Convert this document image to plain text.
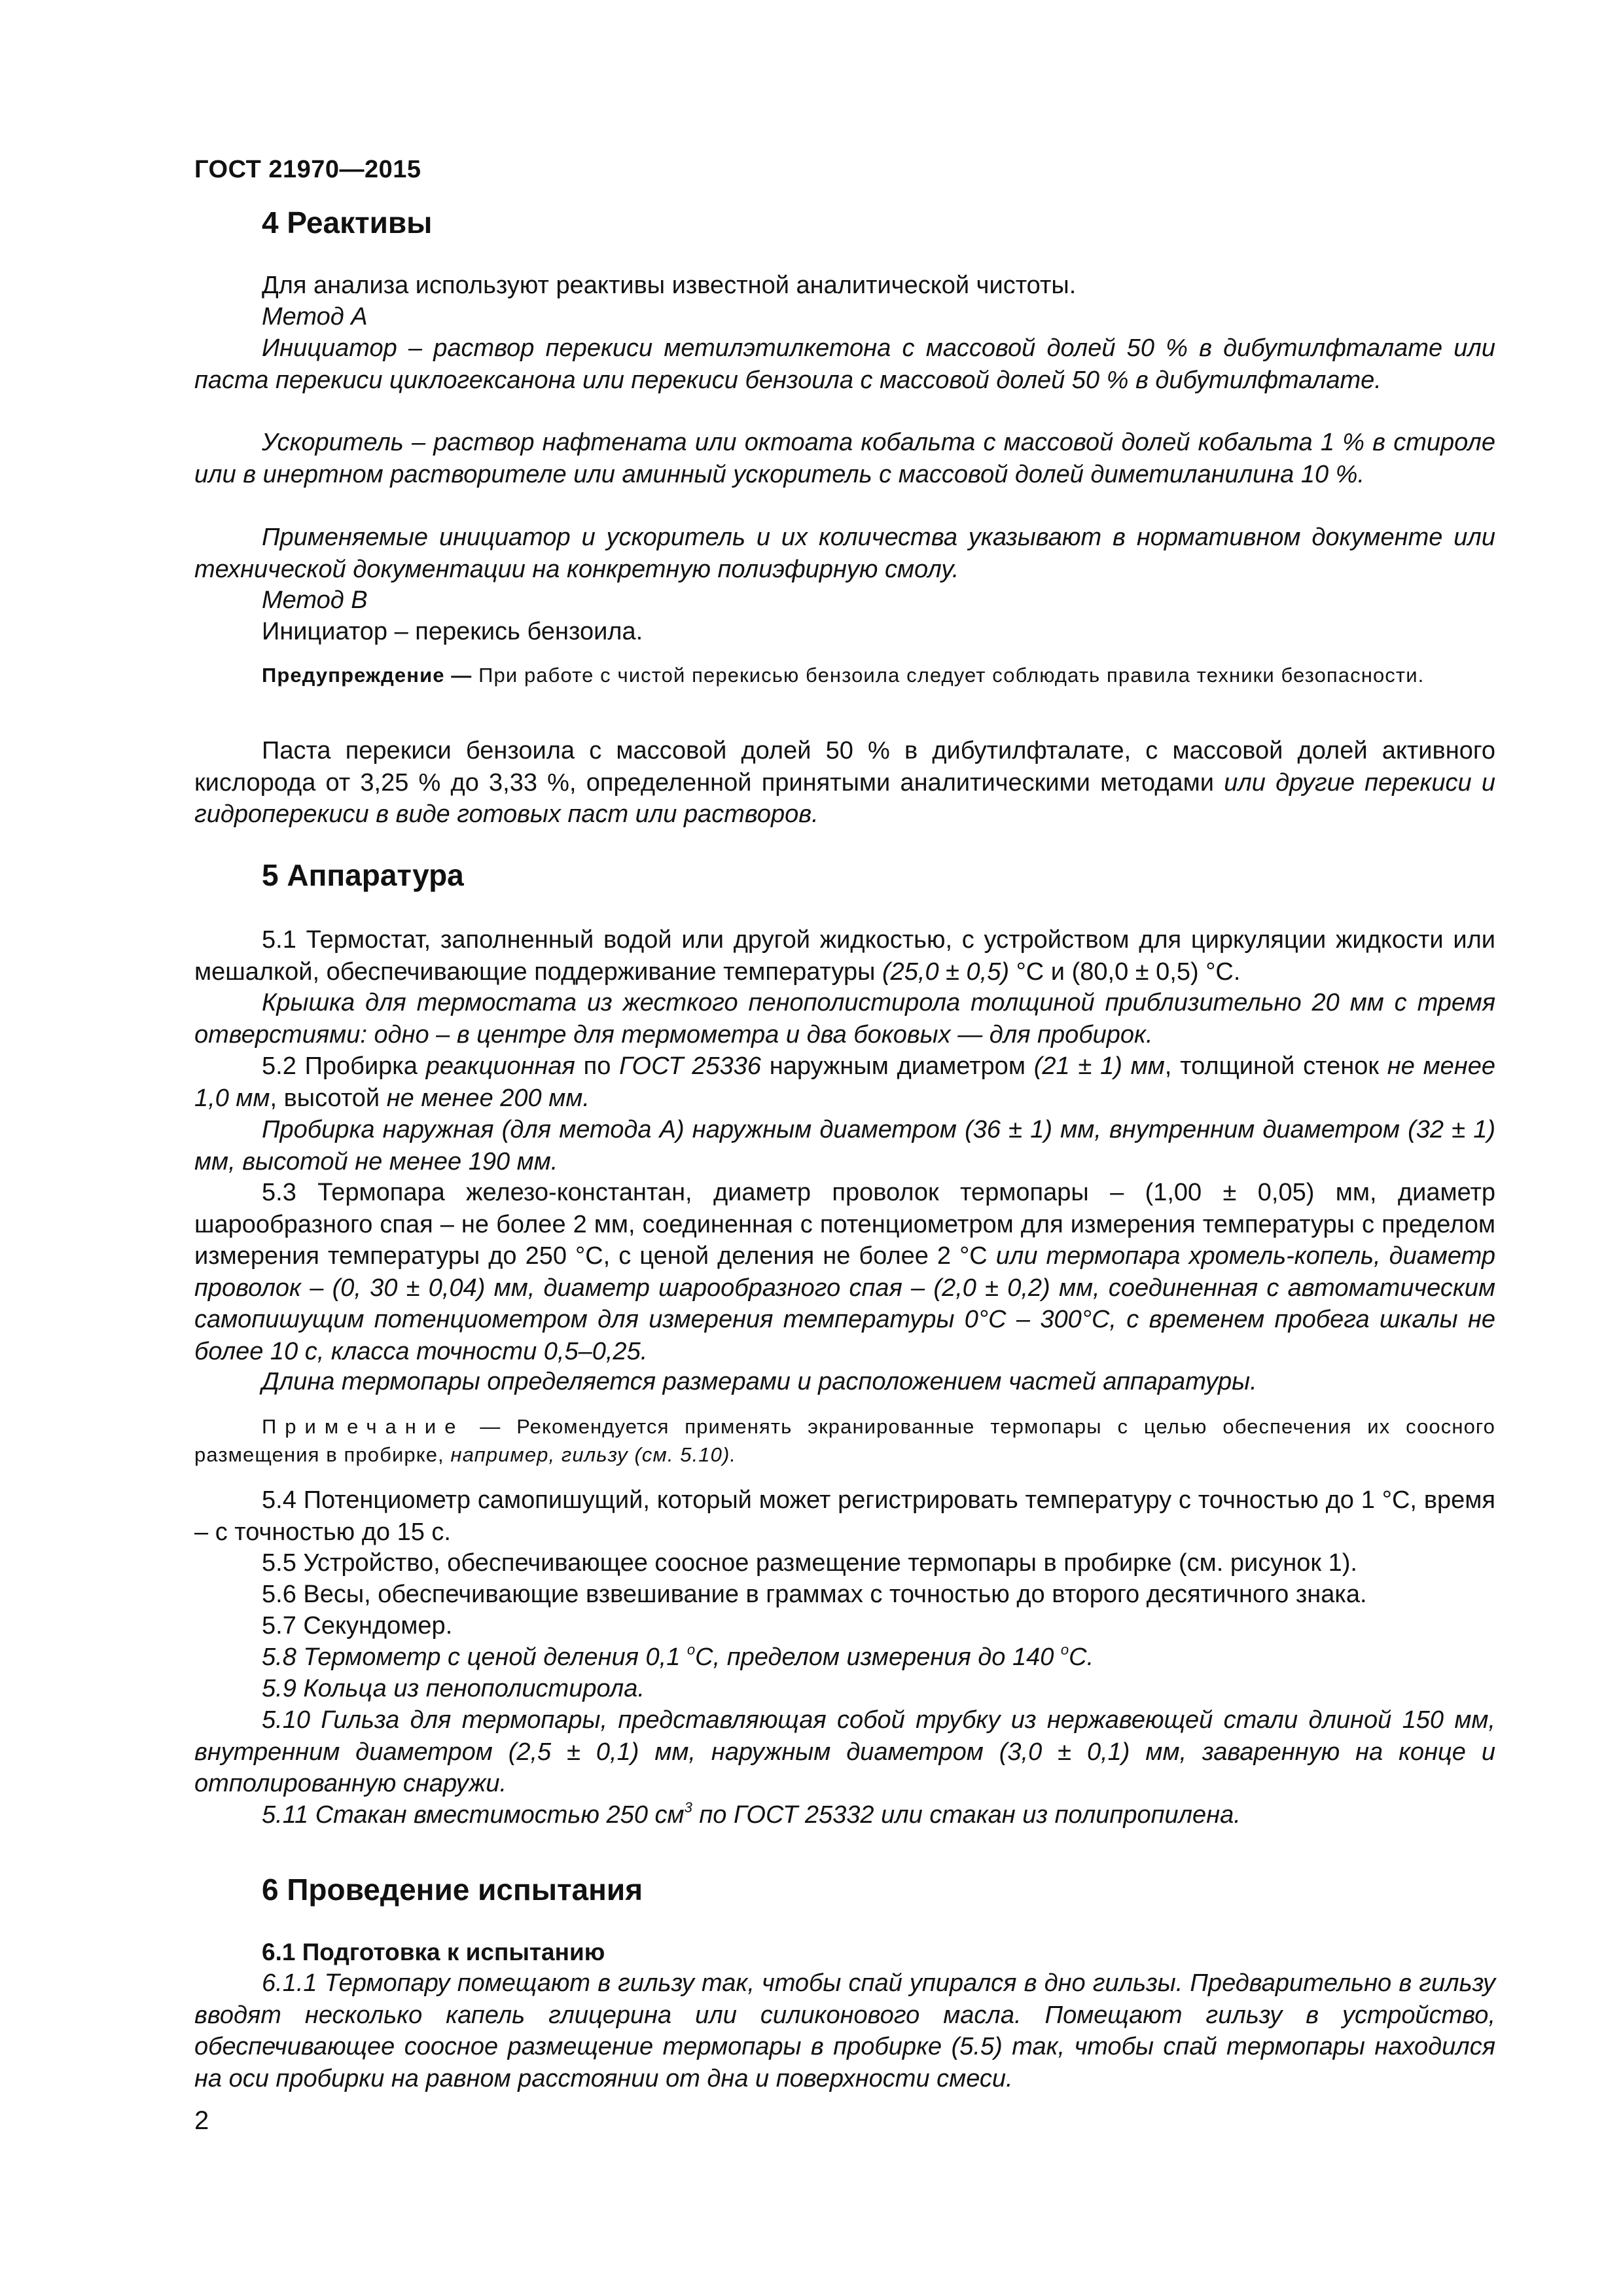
ГОСТ 21970—2015
4 Реактивы

Для анализа используют реактивы известной аналитической чистоты.

Метод А

Инициатор – раствор перекиси метилэтилкетона с массовой долей 50 % в дибутилфталате или паста перекиси циклогексанона или перекиси бензоила с массовой долей 50 % в дибутилфталате.

Ускоритель – раствор нафтената или октоата кобальта с массовой долей кобальта 1 % в стироле или в инертном растворителе или аминный ускоритель с массовой долей диметиланилина 10 %.

Применяемые инициатор и ускоритель и их количества указывают в нормативном документе или технической документации на конкретную полиэфирную смолу.

Метод В

Инициатор – перекись бензоила.

Предупреждение — При работе с чистой перекисью бензоила следует соблюдать правила техники безопасности.

Паста перекиси бензоила с массовой долей 50 % в дибутилфталате, с массовой долей активного кислорода от 3,25 % до 3,33 %, определенной принятыми аналитическими методами или другие перекиси и гидроперекиси в виде готовых паст или растворов.

5 Аппаратура

5.1 Термостат, заполненный водой или другой жидкостью, с устройством для циркуляции жидкости или мешалкой, обеспечивающие поддерживание температуры (25,0 ± 0,5) °С и (80,0 ± 0,5) °С.

Крышка для термостата из жесткого пенополистирола толщиной приблизительно 20 мм с тремя отверстиями: одно – в центре для термометра и два боковых — для пробирок.

5.2 Пробирка реакционная по ГОСТ 25336 наружным диаметром (21 ± 1) мм, толщиной стенок не менее 1,0 мм, высотой не менее 200 мм.

Пробирка наружная (для метода А) наружным диаметром (36 ± 1) мм, внутренним диаметром (32 ± 1) мм, высотой не менее 190 мм.

5.3 Термопара железо-константан, диаметр проволок термопары – (1,00 ± 0,05) мм, диаметр шарообразного спая – не более 2 мм, соединенная с потенциометром для измерения температуры с пределом измерения температуры до 250 °С, с ценой деления не более 2 °С или термопара хромель-копель, диаметр проволок – (0, 30 ± 0,04) мм, диаметр шарообразного спая – (2,0 ± 0,2) мм, соединенная с автоматическим самопишущим потенциометром для измерения температуры 0°С – 300°С, с временем пробега шкалы не более 10 с, класса точности 0,5–0,25.

Длина термопары определяется размерами и расположением частей аппаратуры.

Примечание — Рекомендуется применять экранированные термопары с целью обеспечения их соосного размещения в пробирке, например, гильзу (см. 5.10).

5.4 Потенциометр самопишущий, который может регистрировать температуру с точностью до 1 °С, время – с точностью до 15 с.

5.5 Устройство, обеспечивающее соосное размещение термопары в пробирке (см. рисунок 1).

5.6 Весы, обеспечивающие взвешивание в граммах с точностью до второго десятичного знака.

5.7 Секундомер.

5.8 Термометр с ценой деления 0,1 $^о$С, пределом измерения до 140 $^о$С.

5.9 Кольца из пенополистирола.

5.10 Гильза для термопары, представляющая собой трубку из нержавеющей стали длиной 150 мм, внутренним диаметром (2,5 ± 0,1) мм, наружным диаметром (3,0 ± 0,1) мм, заваренную на конце и отполированную снаружи.

5.11 Стакан вместимостью 250 $см^3$ по ГОСТ 25332 или стакан из полипропилена.

6 Проведение испытания
6.1 Подготовка к испытанию

6.1.1 Термопару помещают в гильзу так, чтобы спай упирался в дно гильзы. Предварительно в гильзу вводят несколько капель глицерина или силиконового масла. Помещают гильзу в устройство, обеспечивающее соосное размещение термопары в пробирке (5.5) так, чтобы спай термопары находился на оси пробирки на равном расстоянии от дна и поверхности смеси.

2
